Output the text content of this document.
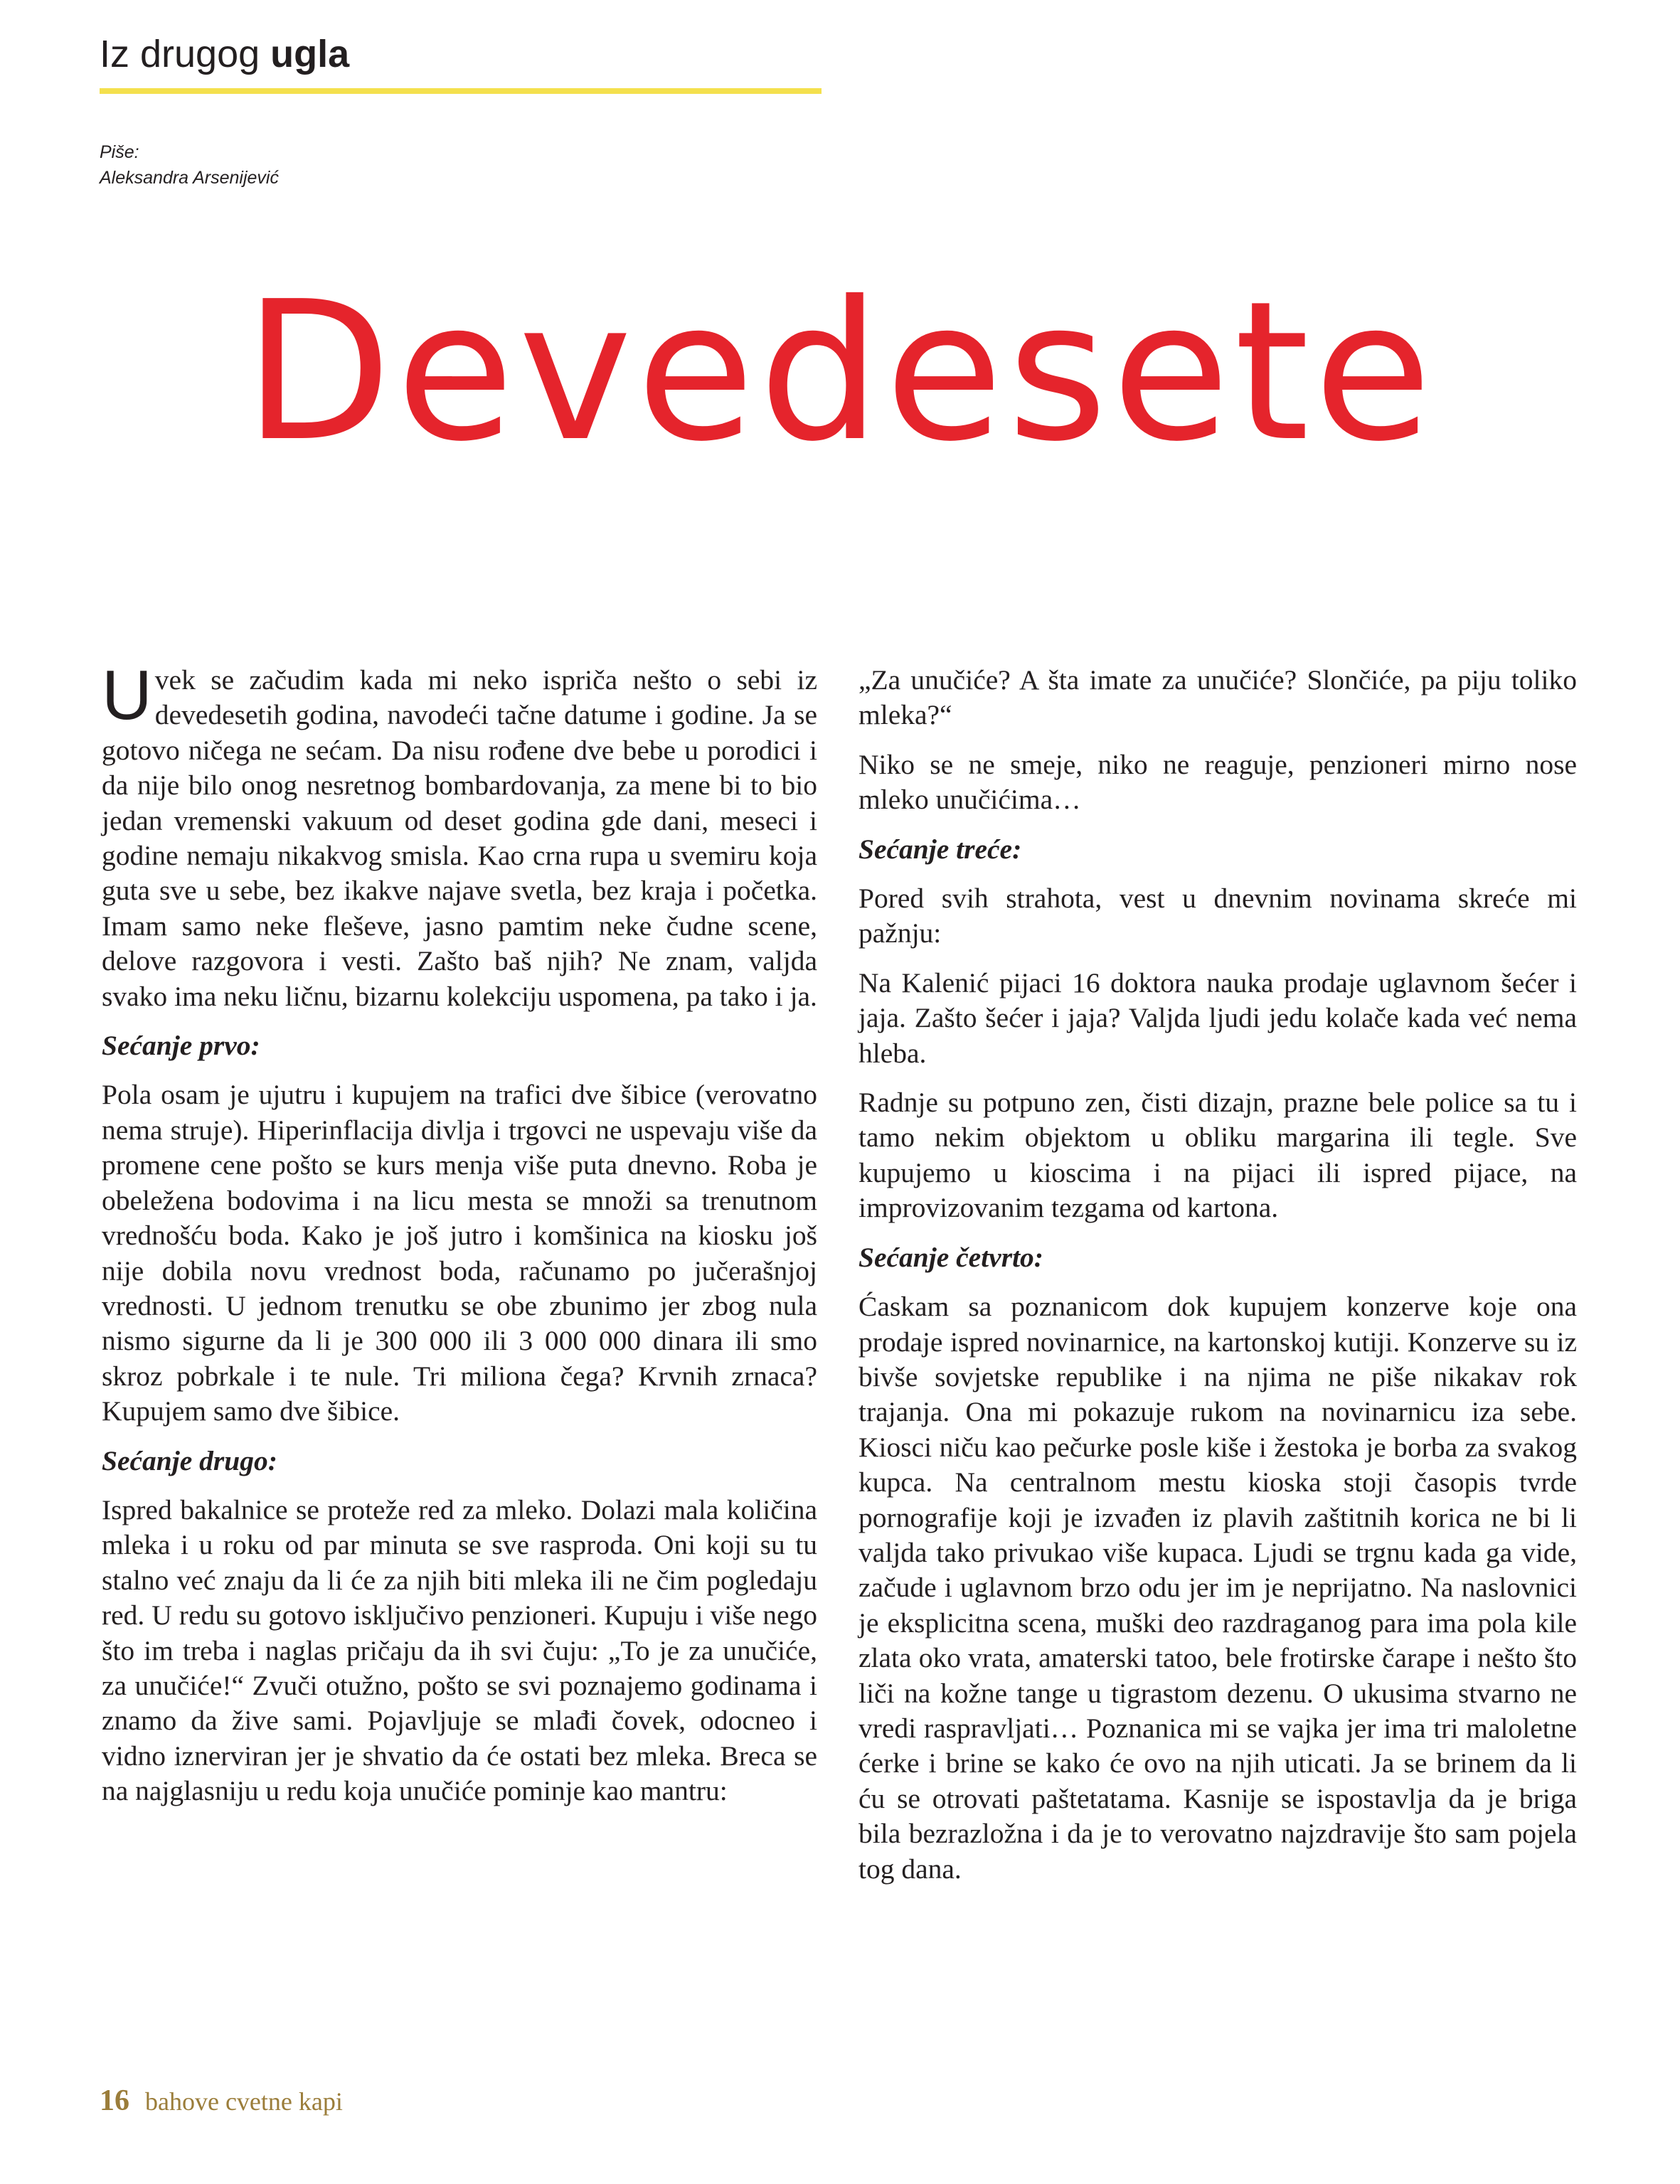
Iz drugog ugla
Piše:
Aleksandra Arsenijević
Devedesete

Uvek se začudim kada mi neko ispriča nešto o sebi iz devedesetih godina, navodeći tačne datume i godine. Ja se gotovo ničega ne sećam. Da nisu rođene dve bebe u porodici i da nije bilo onog nesretnog bombardovanja, za mene bi to bio jedan vremenski vakuum od deset godina gde dani, meseci i godine nemaju nikakvog smisla. Kao crna rupa u svemiru koja guta sve u sebe, bez ikakve najave svetla, bez kraja i početka. Imam samo neke fleševe, jasno pamtim neke čudne scene, delove razgovora i vesti. Zašto baš njih? Ne znam, valjda svako ima neku ličnu, bizarnu kolekciju uspomena, pa tako i ja.

Sećanje prvo:

Pola osam je ujutru i kupujem na trafici dve šibice (verovatno nema struje). Hiperinflacija divlja i trgovci ne uspevaju više da promene cene pošto se kurs menja više puta dnevno. Roba je obeležena bodovima i na licu mesta se množi sa trenutnom vrednošću boda. Kako je još jutro i komšinica na kiosku još nije dobila novu vrednost boda, računamo po jučerašnjoj vrednosti. U jednom trenutku se obe zbunimo jer zbog nula nismo sigurne da li je 300 000 ili 3 000 000 dinara ili smo skroz pobrkale i te nule. Tri miliona čega? Krvnih zrnaca? Kupujem samo dve šibice.

Sećanje drugo:

Ispred bakalnice se proteže red za mleko. Dolazi mala količina mleka i u roku od par minuta se sve rasproda. Oni koji su tu stalno već znaju da li će za njih biti mleka ili ne čim pogledaju red. U redu su gotovo isključivo penzioneri. Kupuju i više nego što im treba i naglas pričaju da ih svi čuju: „To je za unučiće, za unučiće!“ Zvuči otužno, pošto se svi poznajemo godinama i znamo da žive sami. Pojavljuje se mlađi čovek, odocneo i vidno iznerviran jer je shvatio da će ostati bez mleka. Breca se na najglasniju u redu koja unučiće pominje kao mantru:

„Za unučiće? A šta imate za unučiće? Slončiće, pa piju toliko mleka?“

Niko se ne smeje, niko ne reaguje, penzioneri mirno nose mleko unučićima…

Sećanje treće:

Pored svih strahota, vest u dnevnim novinama skreće mi pažnju:

Na Kalenić pijaci 16 doktora nauka prodaje uglavnom šećer i jaja. Zašto šećer i jaja? Valjda ljudi jedu kolače kada već nema hleba.

Radnje su potpuno zen, čisti dizajn, prazne bele police sa tu i tamo nekim objektom u obliku margarina ili tegle. Sve kupujemo u kioscima i na pijaci ili ispred pijace, na improvizovanim tezgama od kartona.

Sećanje četvrto:

Ćaskam sa poznanicom dok kupujem konzerve koje ona prodaje ispred novinarnice, na kartonskoj kutiji. Konzerve su iz bivše sovjetske republike i na njima ne piše nikakav rok trajanja. Ona mi pokazuje rukom na novinarnicu iza sebe. Kiosci niču kao pečurke posle kiše i žestoka je borba za svakog kupca. Na centralnom mestu kioska stoji časopis tvrde pornografije koji je izvađen iz plavih zaštitnih korica ne bi li valjda tako privukao više kupaca. Ljudi se trgnu kada ga vide, začude i uglavnom brzo odu jer im je neprijatno. Na naslovnici je eksplicitna scena, muški deo razdraganog para ima pola kile zlata oko vrata, amaterski tatoo, bele frotirske čarape i nešto što liči na kožne tange u tigrastom dezenu. O ukusima stvarno ne vredi raspravljati… Poznanica mi se vajka jer ima tri maloletne ćerke i brine se kako će ovo na njih uticati. Ja se brinem da li ću se otrovati paštetatama. Kasnije se ispostavlja da je briga bila bezrazložna i da je to verovatno najzdravije što sam pojela tog dana.

16 bahove cvetne kapi
